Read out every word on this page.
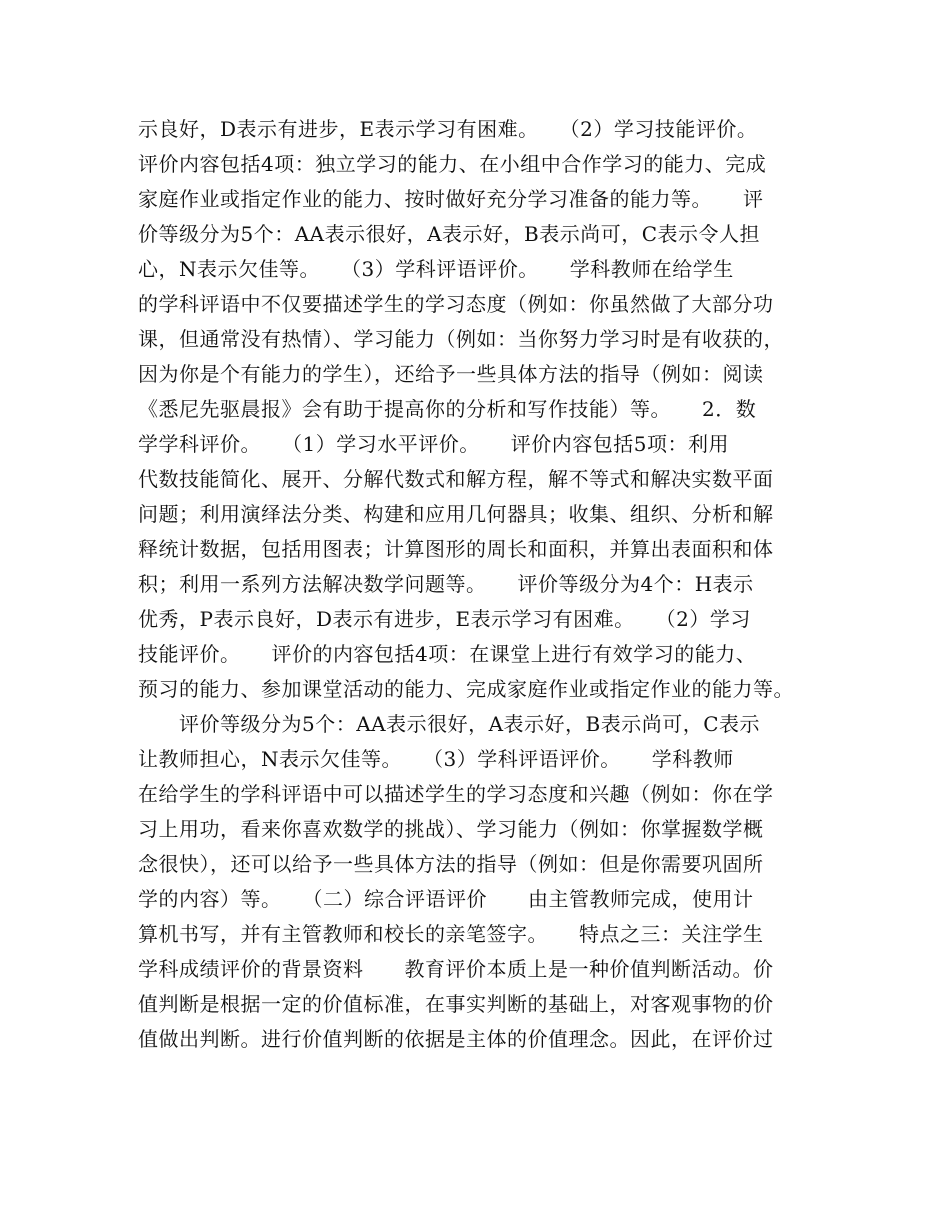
示良好，D表示有进步，E表示学习有困难。　　（2）学习技能评价。
评价内容包括4项：独立学习的能力、在小组中合作学习的能力、完成
家庭作业或指定作业的能力、按时做好充分学习准备的能力等。　　评
价等级分为5个：AA表示很好，A表示好，B表示尚可，C表示令人担
心，N表示欠佳等。　　（3）学科评语评价。　　学科教师在给学生
的学科评语中不仅要描述学生的学习态度（例如：你虽然做了大部分功
课，但通常没有热情）、学习能力（例如：当你努力学习时是有收获的，
因为你是个有能力的学生），还给予一些具体方法的指导（例如：阅读
《悉尼先驱晨报》会有助于提高你的分析和写作技能）等。　　2．数
学学科评价。　　（1）学习水平评价。　　评价内容包括5项：利用
代数技能简化、展开、分解代数式和解方程，解不等式和解决实数平面
问题；利用演绎法分类、构建和应用几何器具；收集、组织、分析和解
释统计数据，包括用图表；计算图形的周长和面积，并算出表面积和体
积；利用一系列方法解决数学问题等。　　评价等级分为4个：H表示
优秀，P表示良好，D表示有进步，E表示学习有困难。　　（2）学习
技能评价。　　评价的内容包括4项：在课堂上进行有效学习的能力、
预习的能力、参加课堂活动的能力、完成家庭作业或指定作业的能力等。
　　评价等级分为5个：AA表示很好，A表示好，B表示尚可，C表示
让教师担心，N表示欠佳等。　　（3）学科评语评价。　　学科教师
在给学生的学科评语中可以描述学生的学习态度和兴趣（例如：你在学
习上用功，看来你喜欢数学的挑战）、学习能力（例如：你掌握数学概
念很快），还可以给予一些具体方法的指导（例如：但是你需要巩固所
学的内容）等。　　（二）综合评语评价　　由主管教师完成，使用计
算机书写，并有主管教师和校长的亲笔签字。　　特点之三：关注学生
学科成绩评价的背景资料　　教育评价本质上是一种价值判断活动。价
值判断是根据一定的价值标准，在事实判断的基础上，对客观事物的价
值做出判断。进行价值判断的依据是主体的价值理念。因此，在评价过
